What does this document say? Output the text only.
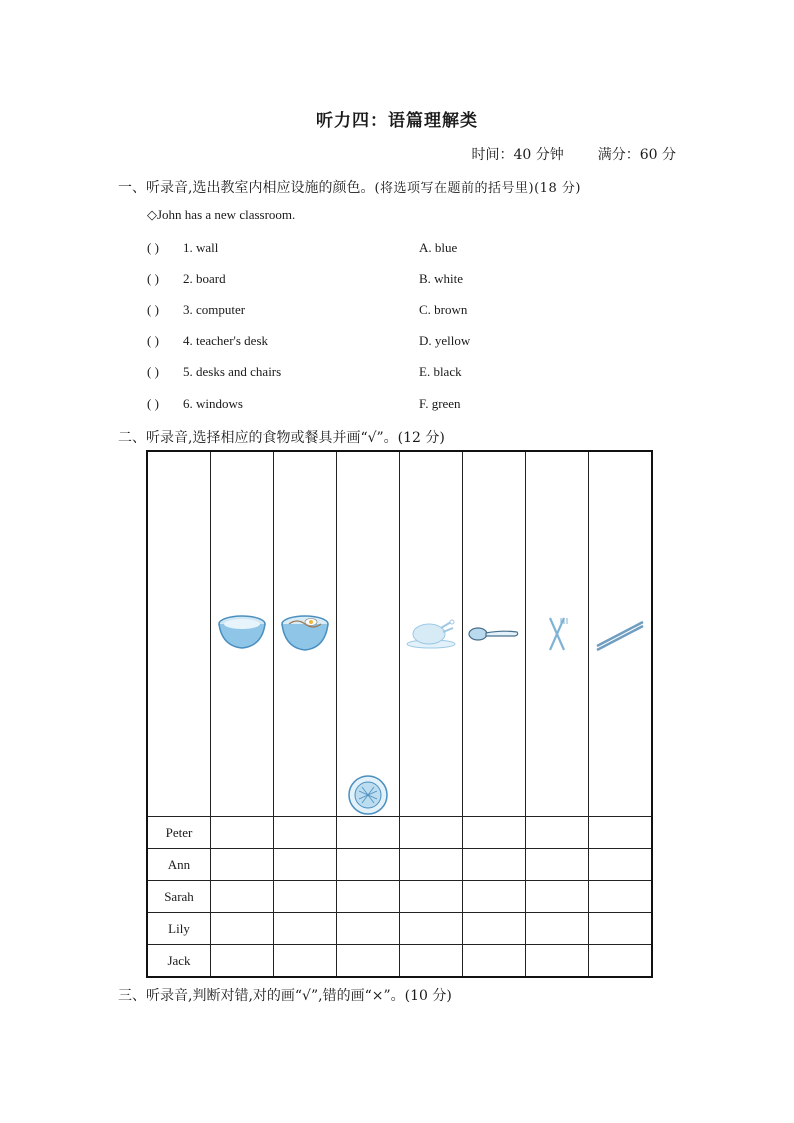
听力四：语篇理解类
时间：40 分钟 满分：60 分
一、听录音,选出教室内相应设施的颜色。(将选项写在题前的括号里)(18 分)
◇John has a new classroom.
( ) 1. wall	A. blue
( ) 2. board	B. white
( ) 3. computer	C. brown
( ) 4. teacher's desk	D. yellow
( ) 5. desks and chairs	E. black
( ) 6. windows	F. green
二、听录音,选择相应的食物或餐具并画“√”。(12 分)

Peter							
Ann							
Sarah							
Lily							
Jack							
三、听录音,判断对错,对的画“√”,错的画“×”。(10 分)
